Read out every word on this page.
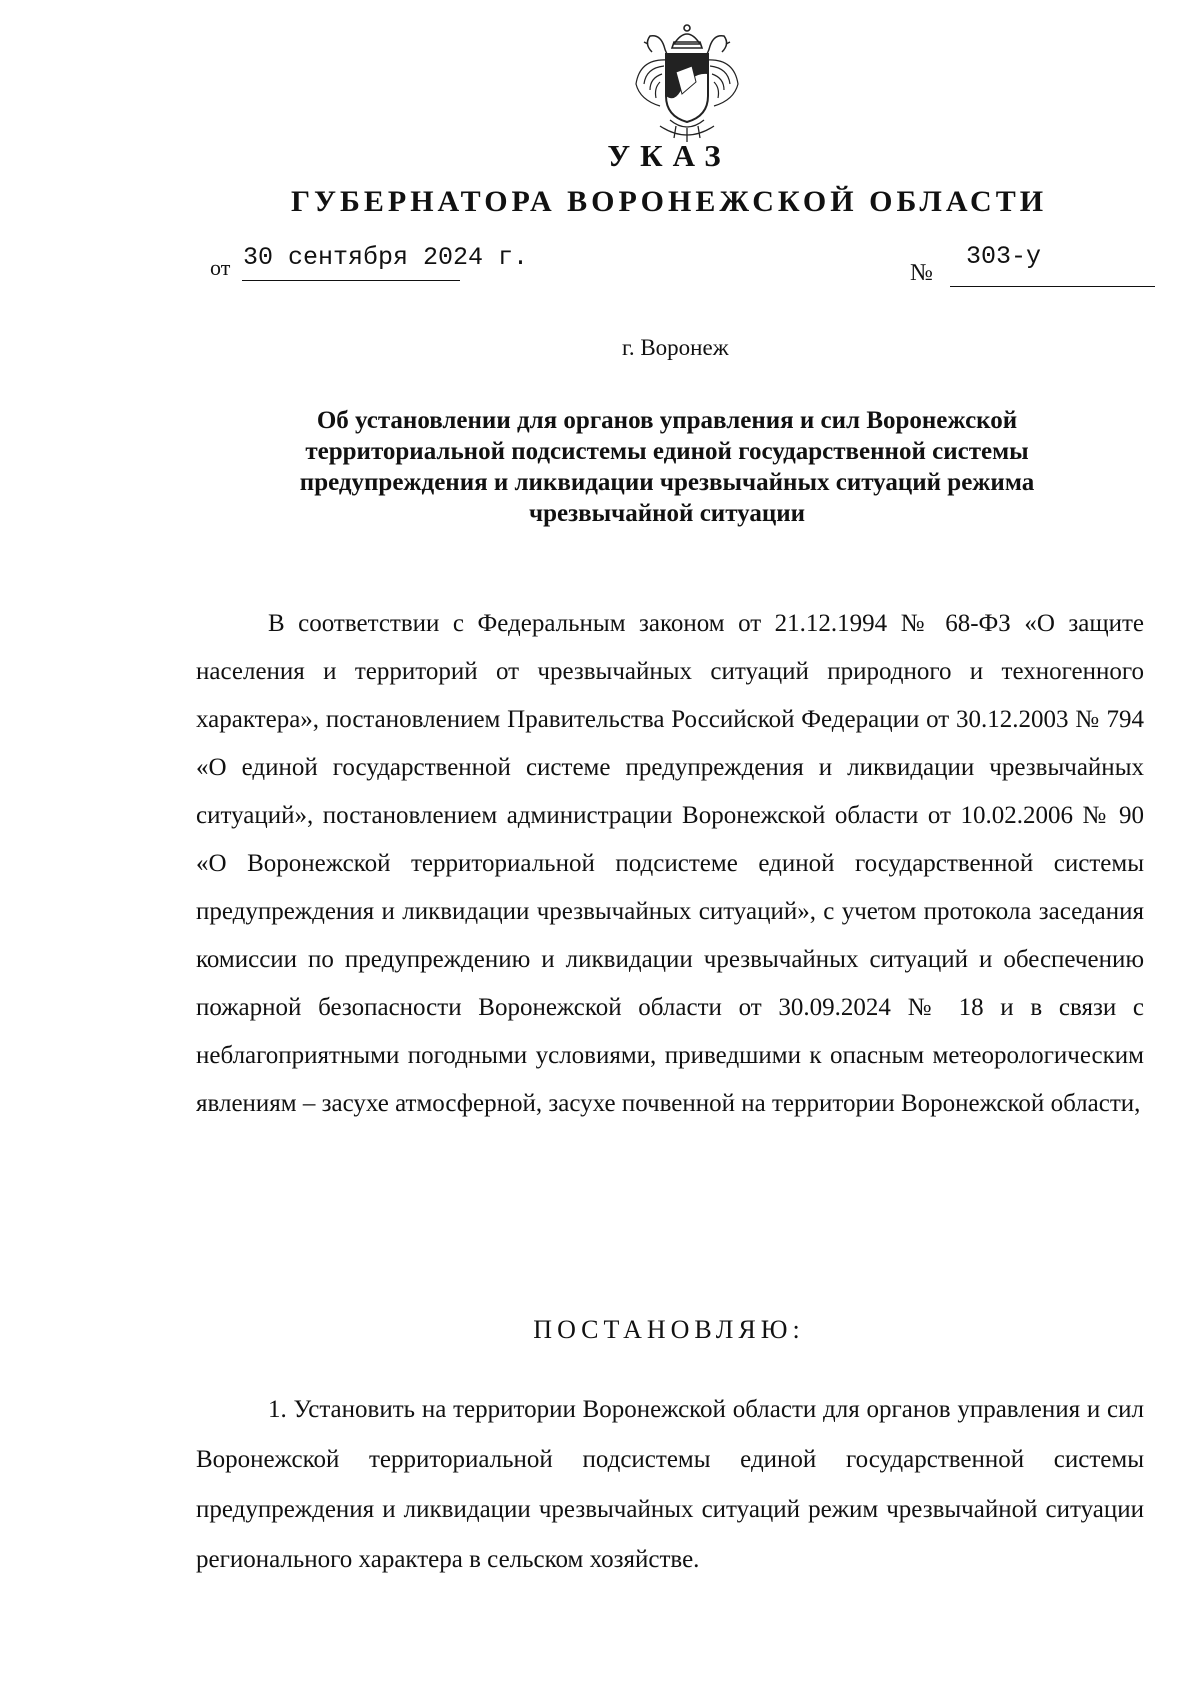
УКАЗ
ГУБЕРНАТОРА ВОРОНЕЖСКОЙ ОБЛАСТИ
от 30 сентября 2024 г.
№
303-у
г. Воронеж
Об установлении для органов управления и сил Воронежской территориальной подсистемы единой государственной системы предупреждения и ликвидации чрезвычайных ситуаций режима чрезвычайной ситуации

В соответствии с Федеральным законом от 21.12.1994 № 68-ФЗ «О защите населения и территорий от чрезвычайных ситуаций природного и техногенного характера», постановлением Правительства Российской Федерации от 30.12.2003 № 794 «О единой государственной системе предупреждения и ликвидации чрезвычайных ситуаций», постановлением администрации Воронежской области от 10.02.2006 № 90 «О Воронежской территориальной подсистеме единой государственной системы предупреждения и ликвидации чрезвычайных ситуаций», с учетом протокола заседания комиссии по предупреждению и ликвидации чрезвычайных ситуаций и обеспечению пожарной безопасности Воронежской области от 30.09.2024 № 18 и в связи с неблагоприятными погодными условиями, приведшими к опасным метеорологическим явлениям – засухе атмосферной, засухе почвенной на территории Воронежской области,

ПОСТАНОВЛЯЮ:

1. Установить на территории Воронежской области для органов управления и сил Воронежской территориальной подсистемы единой государственной системы предупреждения и ликвидации чрезвычайных ситуаций режим чрезвычайной ситуации регионального характера в сельском хозяйстве.
